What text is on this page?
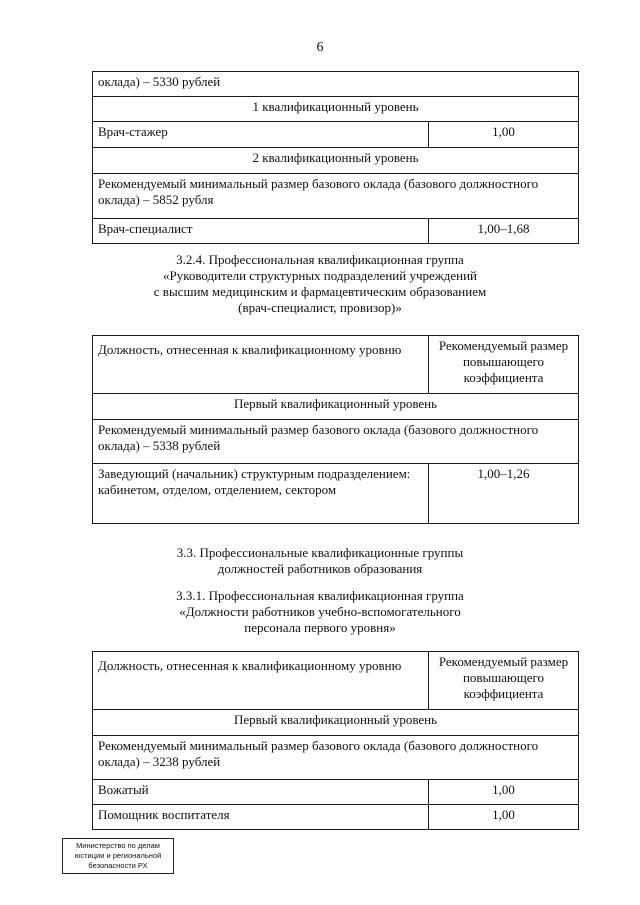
6
оклада) – 5330 рублей	
1 квалификационный уровень	
Врач-стажер	1,00
2 квалификационный уровень	
Рекомендуемый минимальный размер базового оклада (базового должностного оклада) – 5852 рубля	
Врач-специалист	1,00–1,68
3.2.4. Профессиональная квалификационная группа
«Руководители структурных подразделений учреждений
с высшим медицинским и фармацевтическим образованием
(врач-специалист, провизор)»
Должность, отнесенная к квалификационному уровню	Рекомендуемый размер повышающего коэффициента
Первый квалификационный уровень	
Рекомендуемый минимальный размер базового оклада (базового должностного оклада) – 5338 рублей	
Заведующий (начальник) структурным подразделением: кабинетом, отделом, отделением, сектором	1,00–1,26
3.3. Профессиональные квалификационные группы
должностей работников образования
3.3.1. Профессиональная квалификационная группа
«Должности работников учебно-вспомогательного
персонала первого уровня»
Должность, отнесенная к квалификационному уровню	Рекомендуемый размер повышающего коэффициента
Первый квалификационный уровень	
Рекомендуемый минимальный размер базового оклада (базового должностного оклада) – 3238 рублей	
Вожатый	1,00
Помощник воспитателя	1,00
Министерство по делам
юстиции и региональной
безопасности РХ
